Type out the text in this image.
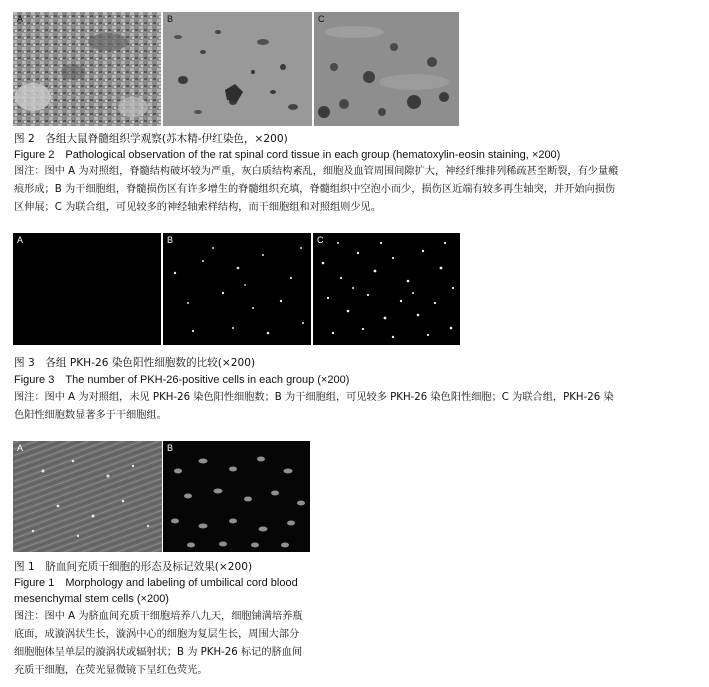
A	B	C
图 2　各组大鼠脊髓组织学观察(苏木精-伊红染色，×200)
Figure 2　Pathological observation of the rat spinal cord tissue in each group (hematoxylin-eosin staining, ×200)
图注：图中 A 为对照组，脊髓结构破坏较为严重，灰白质结构紊乱，细胞及血管周围间隙扩大，神经纤维排列稀疏甚至断裂，有少量瘢
痕形成；B 为干细胞组，脊髓损伤区有许多增生的脊髓组织充填，脊髓组织中空泡小而少，损伤区近端有较多再生轴突，并开始向损伤
区伸展；C 为联合组，可见较多的神经轴索样结构，而干细胞组和对照组则少见。
A	B	C
图 3　各组 PKH-26 染色阳性细胞数的比较(×200)
Figure 3　The number of PKH-26-positive cells in each group (×200)
图注：图中 A 为对照组，未见 PKH-26 染色阳性细胞数；B 为干细胞组，可见较多 PKH-26 染色阳性细胞；C 为联合组，PKH-26 染
色阳性细胞数显著多于干细胞组。
A	B
图 1　脐血间充质干细胞的形态及标记效果(×200)
Figure 1　Morphology and labeling of umbilical cord blood
mesenchymal stem cells (×200)
图注：图中 A 为脐血间充质干细胞培养八九天，细胞铺满培养瓶
底面，成漩涡状生长，漩涡中心的细胞为复层生长，周围大部分
细胞胞体呈单层的漩涡状或辐射状；B 为 PKH-26 标记的脐血间
充质干细胞，在荧光显微镜下呈红色荧光。
